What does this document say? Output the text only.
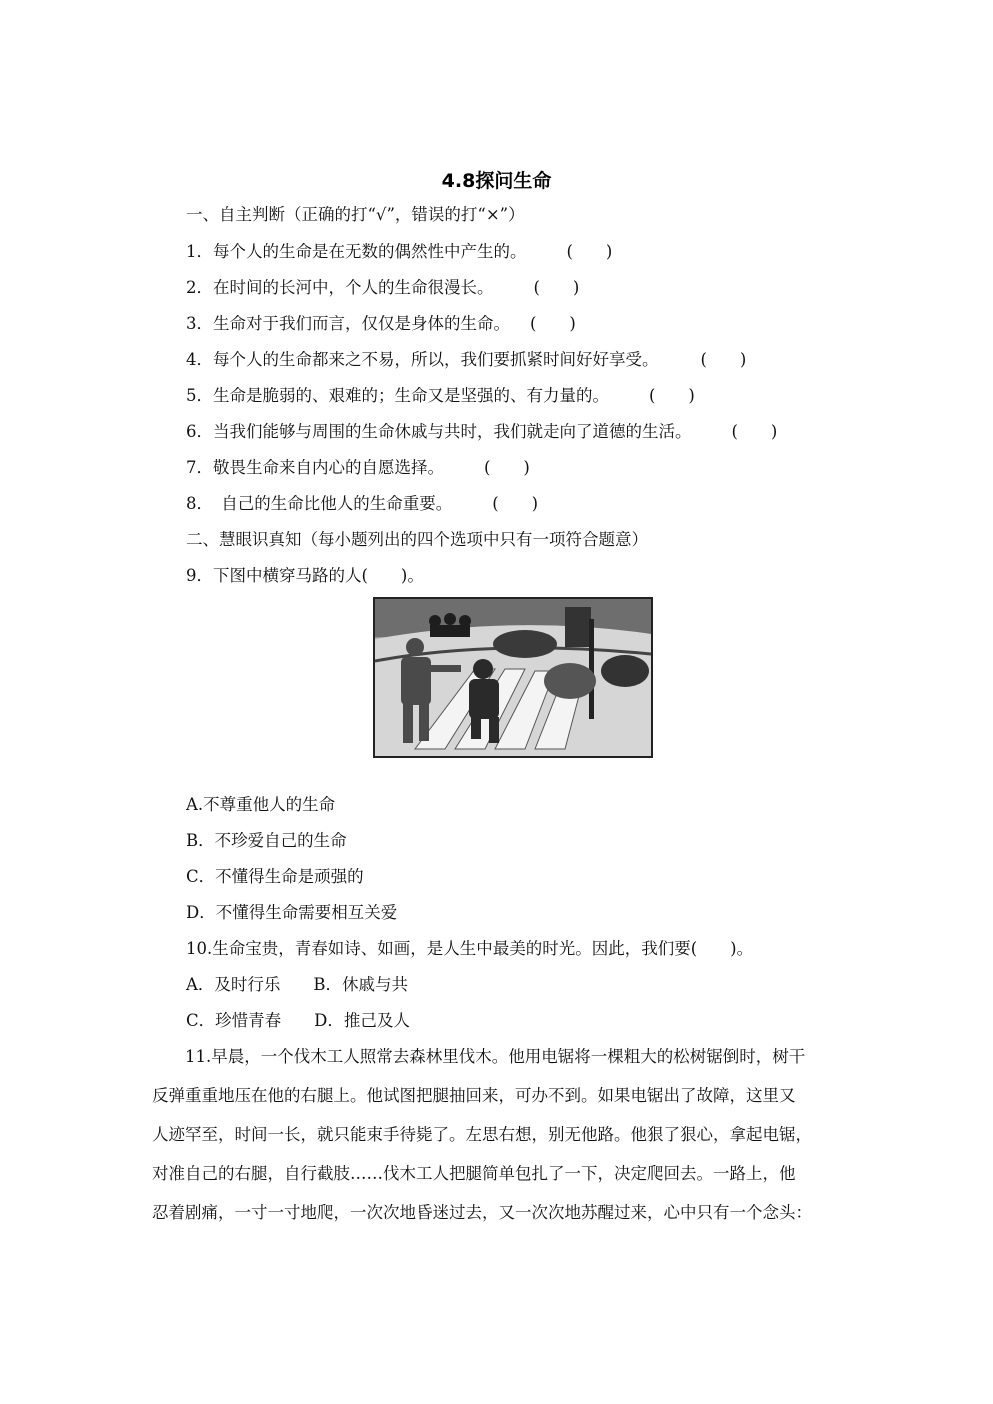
4.8探问生命
一、自主判断（正确的打“√”，错误的打“×”）
1．每个人的生命是在无数的偶然性中产生的。 (　　)
2．在时间的长河中，个人的生命很漫长。 (　　)
3．生命对于我们而言，仅仅是身体的生命。 (　　)
4．每个人的生命都来之不易，所以，我们要抓紧时间好好享受。	(　　)
5．生命是脆弱的、艰难的；生命又是坚强的、有力量的。 (　　)
6．当我们能够与周围的生命休戚与共时，我们就走向了道德的生活。 (　　)
7．敬畏生命来自内心的自愿选择。 (　　)
8．　自己的生命比他人的生命重要。 (　　)
二、慧眼识真知（每小题列出的四个选项中只有一项符合题意）
9．下图中横穿马路的人(　　)。
A.不尊重他人的生命
B．不珍爱自己的生命
C．不懂得生命是顽强的
D．不懂得生命需要相互关爱
10.生命宝贵，青春如诗、如画，是人生中最美的时光。因此，我们要(　　)。
A．及时行乐　　B．休戚与共
C．珍惜青春　　D．推己及人
　　11.早晨，一个伐木工人照常去森林里伐木。他用电锯将一棵粗大的松树锯倒时，树干
反弹重重地压在他的右腿上。他试图把腿抽回来，可办不到。如果电锯出了故障，这里又
人迹罕至，时间一长，就只能束手待毙了。左思右想，别无他路。他狠了狠心，拿起电锯，
对准自己的右腿，自行截肢……伐木工人把腿简单包扎了一下，决定爬回去。一路上，他
忍着剧痛，一寸一寸地爬，一次次地昏迷过去，又一次次地苏醒过来，心中只有一个念头：
